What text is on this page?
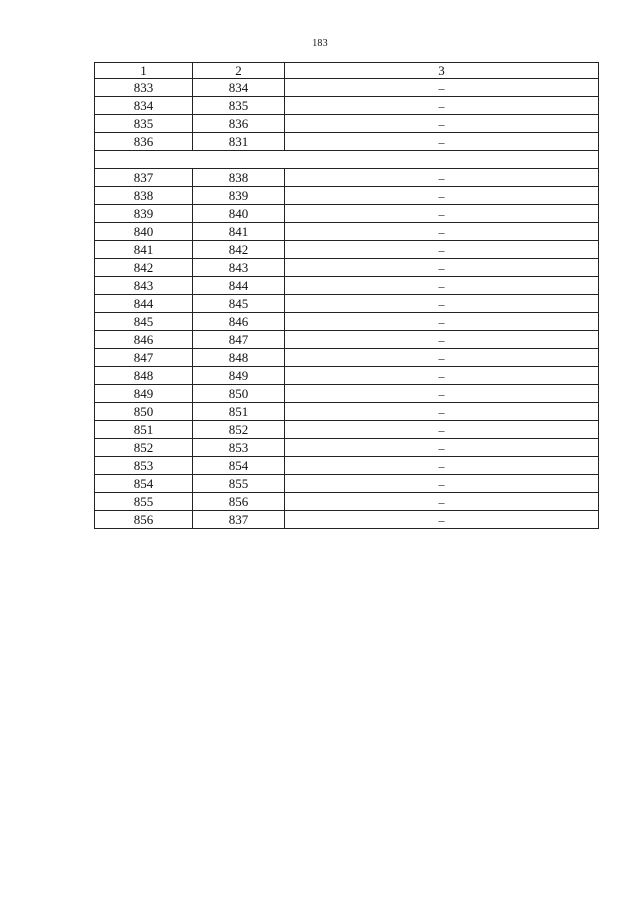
183
1	2	3
833	834	–
834	835	–
835	836	–
836	831	–

837	838	–
838	839	–
839	840	–
840	841	–
841	842	–
842	843	–
843	844	–
844	845	–
845	846	–
846	847	–
847	848	–
848	849	–
849	850	–
850	851	–
851	852	–
852	853	–
853	854	–
854	855	–
855	856	–
856	837	–
